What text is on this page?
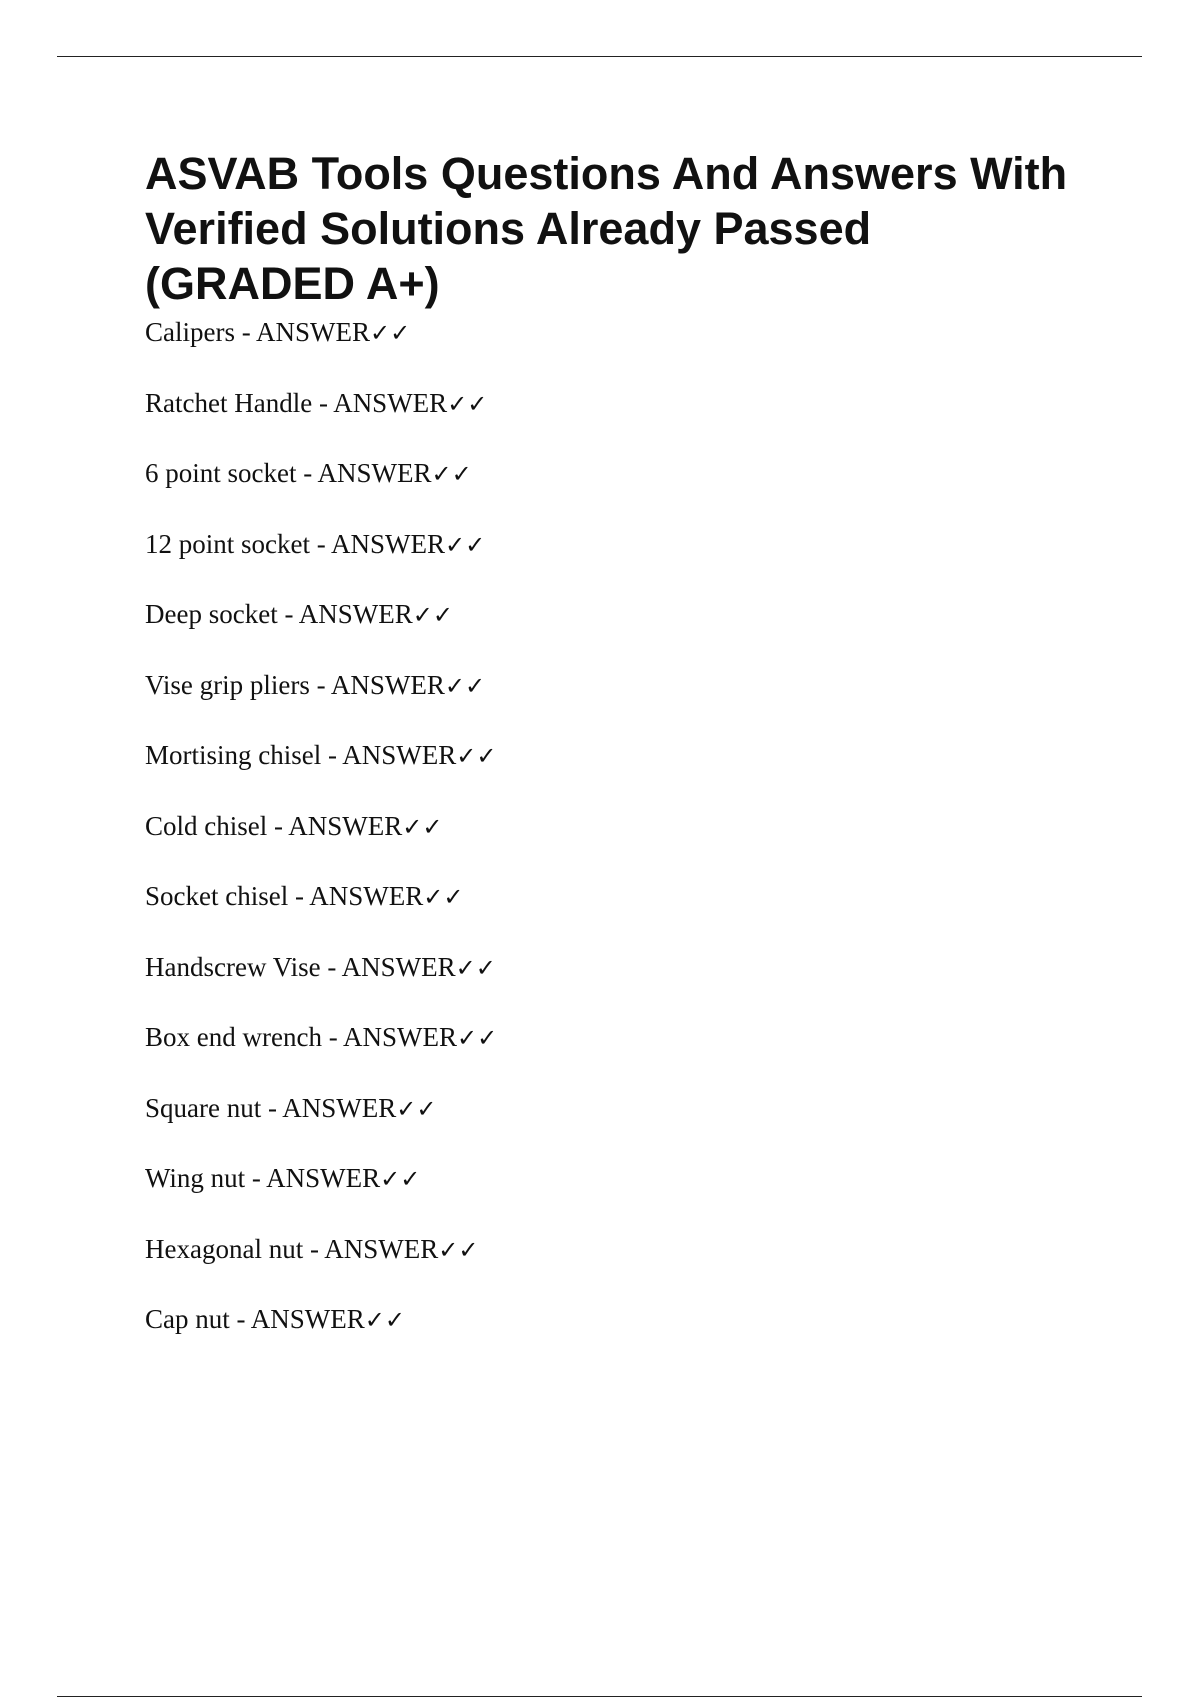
ASVAB Tools Questions And Answers With Verified Solutions Already Passed (GRADED A+)
Calipers - ANSWER✓✓
Ratchet Handle - ANSWER✓✓
6 point socket - ANSWER✓✓
12 point socket - ANSWER✓✓
Deep socket - ANSWER✓✓
Vise grip pliers - ANSWER✓✓
Mortising chisel - ANSWER✓✓
Cold chisel - ANSWER✓✓
Socket chisel - ANSWER✓✓
Handscrew Vise - ANSWER✓✓
Box end wrench - ANSWER✓✓
Square nut - ANSWER✓✓
Wing nut - ANSWER✓✓
Hexagonal nut - ANSWER✓✓
Cap nut - ANSWER✓✓
